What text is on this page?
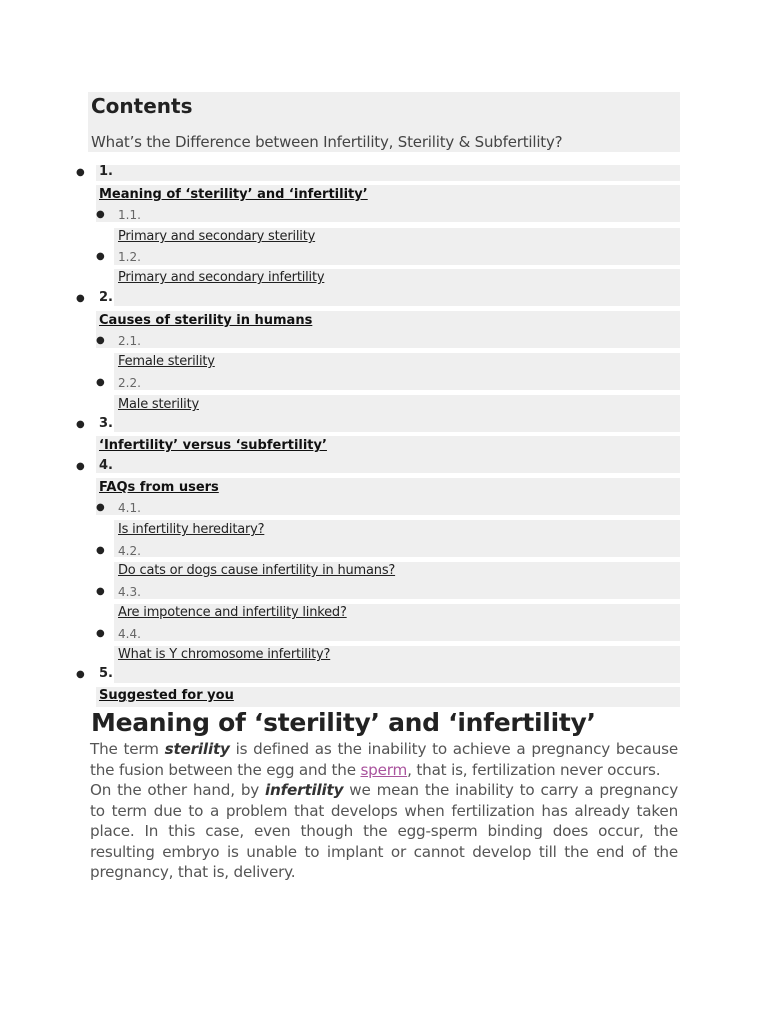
Contents

What’s the Difference between Infertility, Sterility & Subfertility?

● 1.
Meaning of ‘sterility’ and ‘infertility’
● 1.1.
Primary and secondary sterility
● 1.2.
Primary and secondary infertility
● 2.
Causes of sterility in humans
● 2.1.
Female sterility
● 2.2.
Male sterility
● 3.
‘Infertility’ versus ‘subfertility’
● 4.
FAQs from users
● 4.1.
Is infertility hereditary?
● 4.2.
Do cats or dogs cause infertility in humans?
● 4.3.
Are impotence and infertility linked?
● 4.4.
What is Y chromosome infertility?
● 5.
Suggested for you
Meaning of ‘sterility’ and ‘infertility’

The term sterility is defined as the inability to achieve a pregnancy because the fusion between the egg and the sperm, that is, fertilization never occurs.

On the other hand, by infertility we mean the inability to carry a pregnancy to term due to a problem that develops when fertilization has already taken place. In this case, even though the egg-sperm binding does occur, the resulting embryo is unable to implant or cannot develop till the end of the pregnancy, that is, delivery.
